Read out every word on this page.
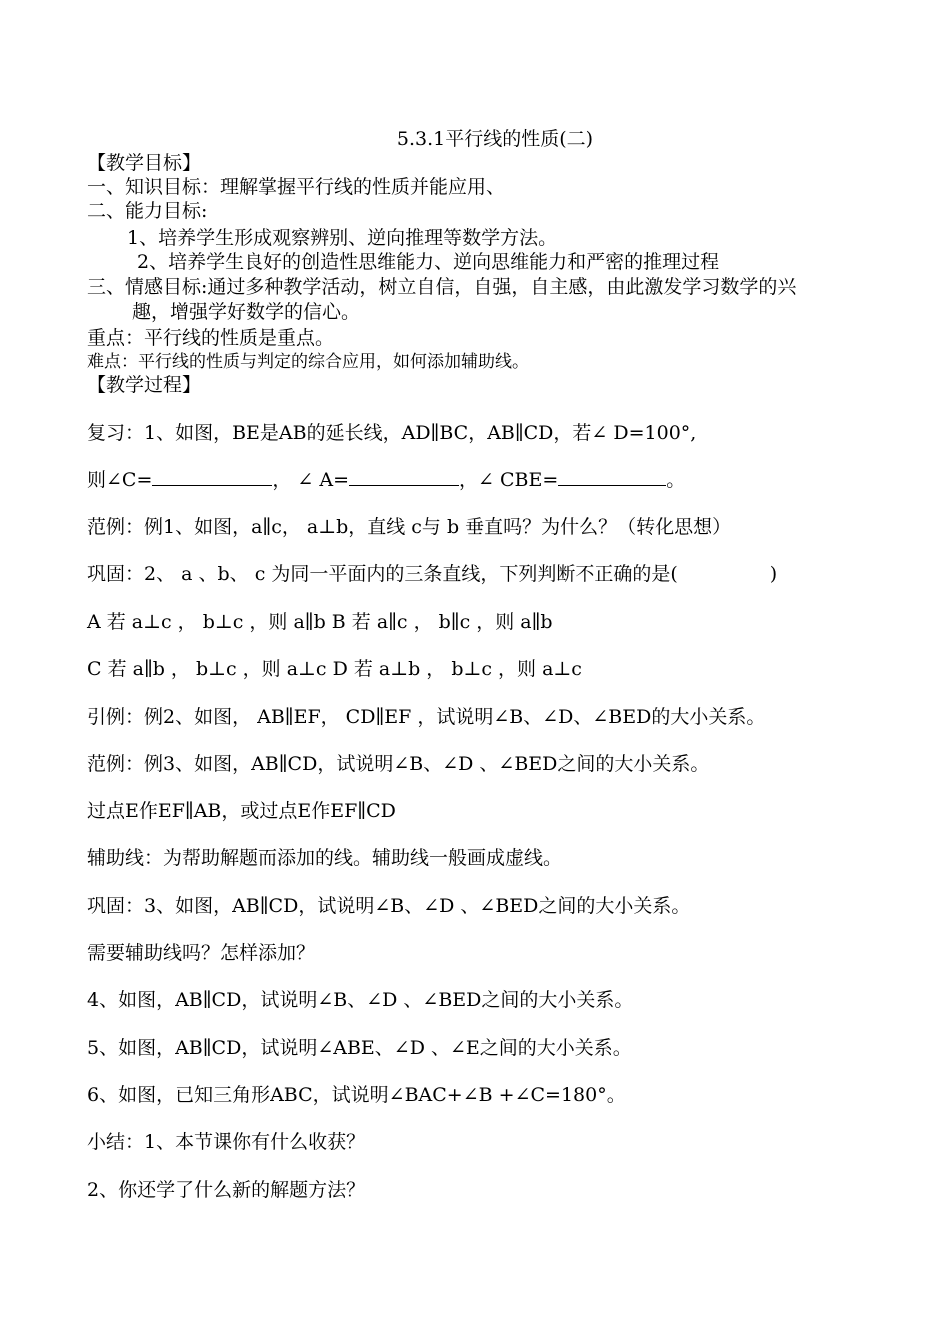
5.3.1平行线的性质(二)
【教学目标】
一、知识目标：理解掌握平行线的性质并能应用、
二、能力目标:
1、培养学生形成观察辨别、逆向推理等数学方法。
2、培养学生良好的创造性思维能力、逆向思维能力和严密的推理过程
三、情感目标:通过多种教学活动，树立自信，自强，自主感，由此激发学习数学的兴
趣，增强学好数学的信心。
重点：平行线的性质是重点。
难点：平行线的性质与判定的综合应用，如何添加辅助线。
【教学过程】
复习：1、如图，BE是AB的延长线，AD∥BC，AB∥CD，若∠ D=100°,
则∠C=	， ∠ A=	，∠ CBE=	。
范例：例1、如图，a∥c， a⊥b，直线 c与 b 垂直吗？为什么？（转化思想）
巩固：2、 a 、b、 c 为同一平面内的三条直线，下列判断不正确的是(	)
A 若 a⊥c ， b⊥c ，则 a∥b B 若 a∥c ， b∥c ，则 a∥b
C 若 a∥b ， b⊥c ，则 a⊥c D 若 a⊥b ， b⊥c ，则 a⊥c
引例：例2、如图， AB∥EF， CD∥EF ，试说明∠B、∠D、∠BED的大小关系。
范例：例3、如图，AB∥CD，试说明∠B、∠D 、∠BED之间的大小关系。
过点E作EF∥AB，或过点E作EF∥CD
辅助线：为帮助解题而添加的线。辅助线一般画成虚线。
巩固：3、如图，AB∥CD，试说明∠B、∠D 、∠BED之间的大小关系。
需要辅助线吗？怎样添加？
4、如图，AB∥CD，试说明∠B、∠D 、∠BED之间的大小关系。
5、如图，AB∥CD，试说明∠ABE、∠D 、∠E之间的大小关系。
6、如图，已知三角形ABC，试说明∠BAC+∠B +∠C=180°。
小结：1、本节课你有什么收获？
2、你还学了什么新的解题方法？
